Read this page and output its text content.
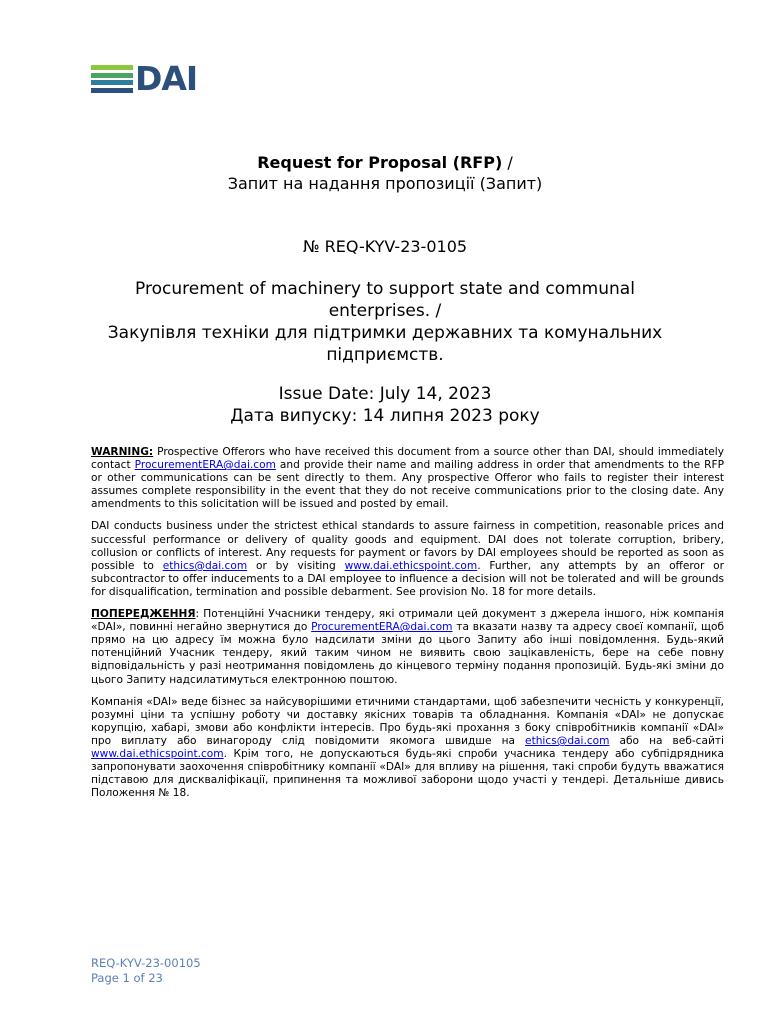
DAI
Request for Proposal (RFP) /
Запит на надання пропозиції (Запит)
№ REQ-KYV-23-0105
Procurement of machinery to support state and communal enterprises. /
Закупівля техніки для підтримки державних та комунальних підприємств.
Issue Date: July 14, 2023
Дата випуску: 14 липня 2023 року

WARNING: Prospective Offerors who have received this document from a source other than DAI, should immediately contact ProcurementERA@dai.com and provide their name and mailing address in order that amendments to the RFP or other communications can be sent directly to them. Any prospective Offeror who fails to register their interest assumes complete responsibility in the event that they do not receive communications prior to the closing date. Any amendments to this solicitation will be issued and posted by email.

DAI conducts business under the strictest ethical standards to assure fairness in competition, reasonable prices and successful performance or delivery of quality goods and equipment. DAI does not tolerate corruption, bribery, collusion or conflicts of interest. Any requests for payment or favors by DAI employees should be reported as soon as possible to ethics@dai.com or by visiting www.dai.ethicspoint.com. Further, any attempts by an offeror or subcontractor to offer inducements to a DAI employee to influence a decision will not be tolerated and will be grounds for disqualification, termination and possible debarment. See provision No. 18 for more details.

ПОПЕРЕДЖЕННЯ: Потенційні Учасники тендеру, які отримали цей документ з джерела іншого, ніж компанія «DAI», повинні негайно звернутися до ProcurementERA@dai.com та вказати назву та адресу своєї компанії, щоб прямо на цю адресу їм можна було надсилати зміни до цього Запиту або інші повідомлення. Будь-який потенційний Учасник тендеру, який таким чином не виявить свою зацікавленість, бере на себе повну відповідальність у разі неотримання повідомлень до кінцевого терміну подання пропозицій. Будь-які зміни до цього Запиту надсилатимуться електронною поштою.

Компанія «DAI» веде бізнес за найсуворішими етичними стандартами, щоб забезпечити чесність у конкуренції, розумні ціни та успішну роботу чи доставку якісних товарів та обладнання. Компанія «DAI» не допускає корупцію, хабарі, змови або конфлікти інтересів. Про будь-які прохання з боку співробітників компанії «DAI» про виплату або винагороду слід повідомити якомога швидше на ethics@dai.com або на веб-сайті www.dai.ethicspoint.com. Крім того, не допускаються будь-які спроби учасника тендеру або субпідрядника запропонувати заохочення співробітнику компанії «DAI» для впливу на рішення, такі спроби будуть вважатися підставою для дискваліфікації, припинення та можливої заборони щодо участі у тендері. Детальніше дивись Положення № 18.

REQ-KYV-23-00105
Page 1 of 23
